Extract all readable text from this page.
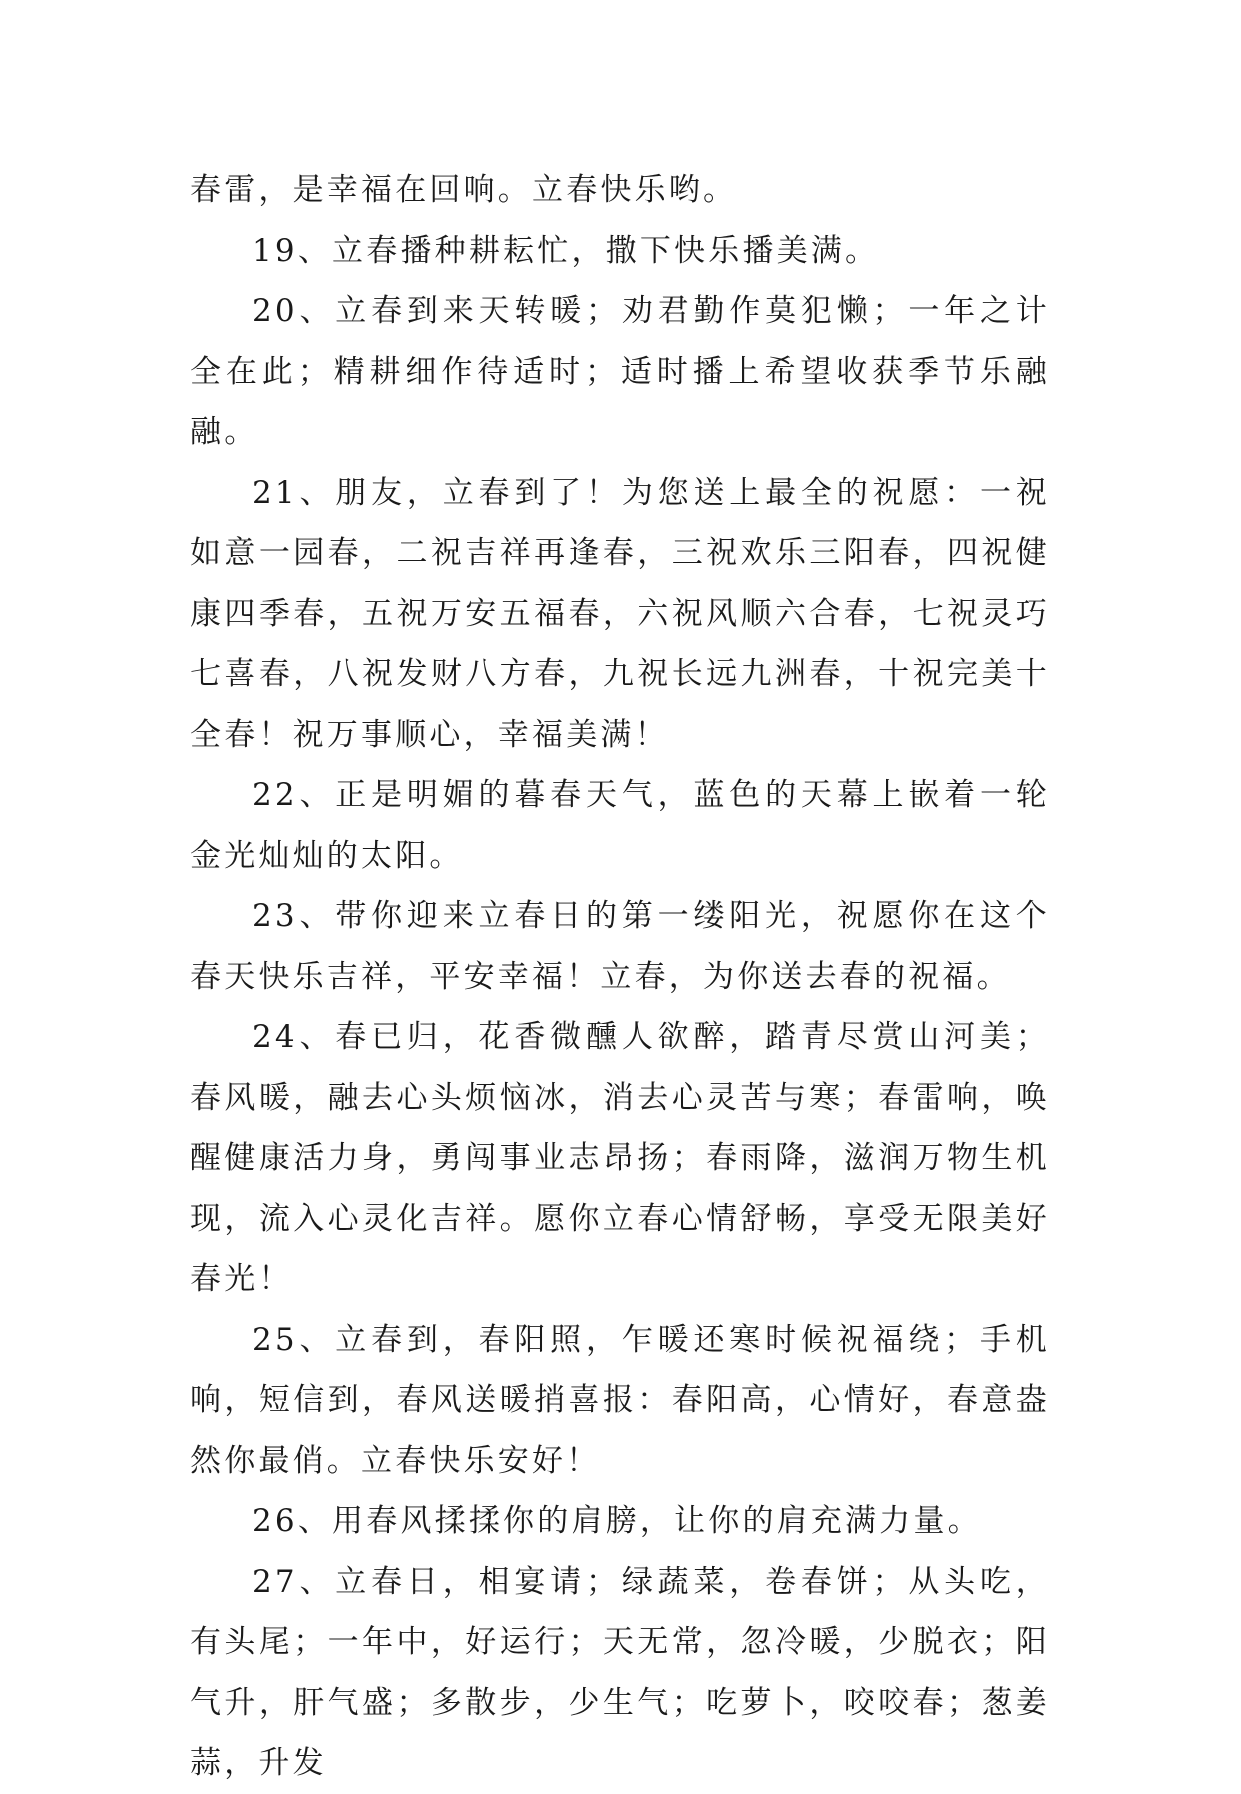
春雷，是幸福在回响。立春快乐哟。

19、立春播种耕耘忙，撒下快乐播美满。

20、立春到来天转暖；劝君勤作莫犯懒；一年之计全在此；精耕细作待适时；适时播上希望收获季节乐融融。

21、朋友，立春到了！为您送上最全的祝愿：一祝如意一园春，二祝吉祥再逢春，三祝欢乐三阳春，四祝健康四季春，五祝万安五福春，六祝风顺六合春，七祝灵巧七喜春，八祝发财八方春，九祝长远九洲春，十祝完美十全春！祝万事顺心，幸福美满！

22、正是明媚的暮春天气，蓝色的天幕上嵌着一轮金光灿灿的太阳。

23、带你迎来立春日的第一缕阳光，祝愿你在这个春天快乐吉祥，平安幸福！立春，为你送去春的祝福。

24、春已归，花香微醺人欲醉，踏青尽赏山河美；春风暖，融去心头烦恼冰，消去心灵苦与寒；春雷响，唤醒健康活力身，勇闯事业志昂扬；春雨降，滋润万物生机现，流入心灵化吉祥。愿你立春心情舒畅，享受无限美好春光！

25、立春到，春阳照，乍暖还寒时候祝福绕；手机响，短信到，春风送暖捎喜报：春阳高，心情好，春意盎然你最俏。立春快乐安好！

26、用春风揉揉你的肩膀，让你的肩充满力量。

27、立春日，相宴请；绿蔬菜，卷春饼；从头吃，有头尾；一年中，好运行；天无常，忽冷暖，少脱衣；阳气升，肝气盛；多散步，少生气；吃萝卜，咬咬春；葱姜蒜，升发
